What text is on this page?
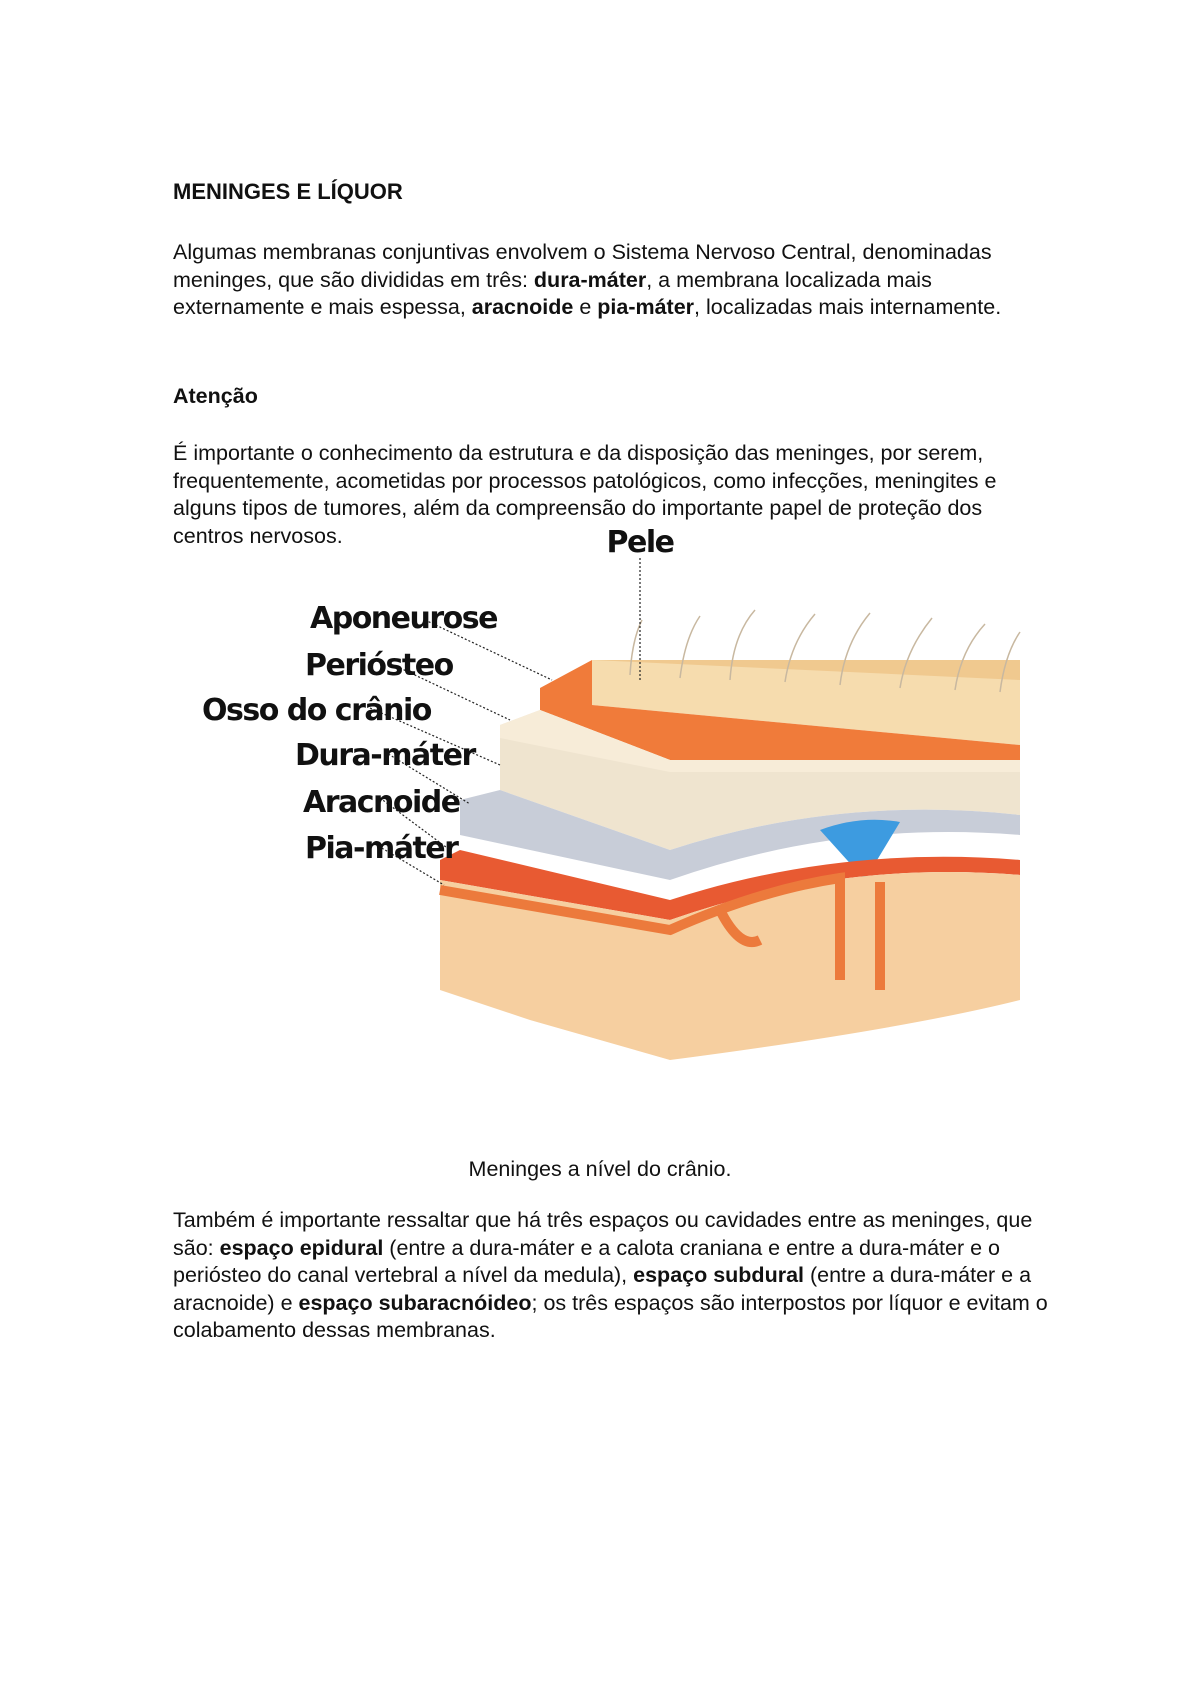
MENINGES E LÍQUOR

Algumas membranas conjuntivas envolvem o Sistema Nervoso Central, denominadas meninges, que são divididas em três: dura-máter, a membrana localizada mais externamente e mais espessa, aracnoide e pia-máter, localizadas mais internamente.

Atenção

É importante o conhecimento da estrutura e da disposição das meninges, por serem, frequentemente, acometidas por processos patológicos, como infecções, meningites e alguns tipos de tumores, além da compreensão do importante papel de proteção dos centros nervosos.	Pele
Aponeurose
Periósteo
Osso do crânio
Dura-máter
Aracnoide
Pia-máter
Meninges a nível do crânio.

Também é importante ressaltar que há três espaços ou cavidades entre as meninges, que são: espaço epidural (entre a dura-máter e a calota craniana e entre a dura-máter e o periósteo do canal vertebral a nível da medula), espaço subdural (entre a dura-máter e a aracnoide) e espaço subaracnóideo; os três espaços são interpostos por líquor e evitam o colabamento dessas membranas.
